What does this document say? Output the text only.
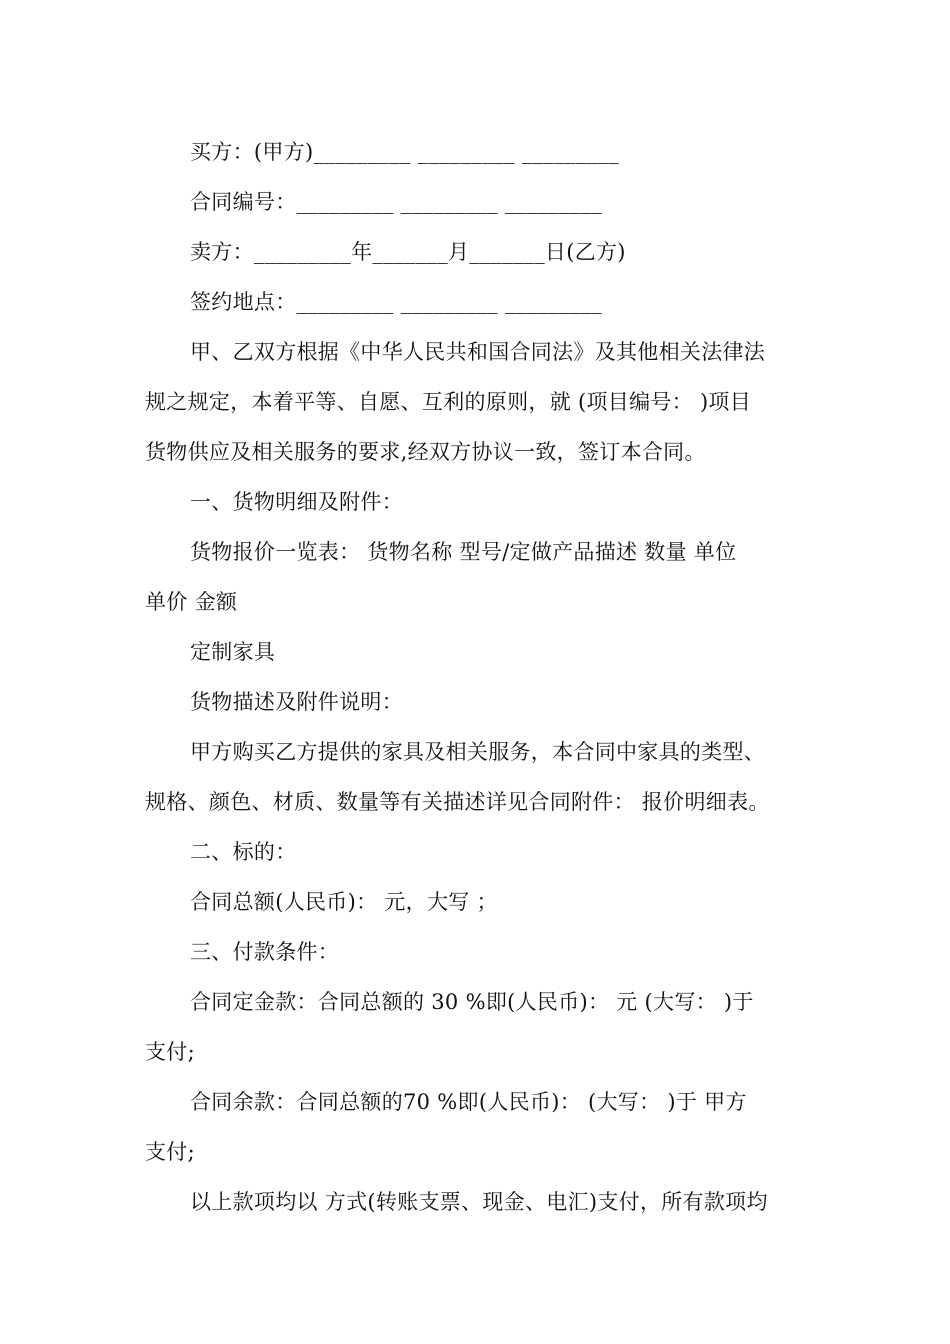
买方：(甲方)_________ _________ _________
合同编号：_________ _________ _________
卖方：_________年_______月_______日(乙方)
签约地点：_________ _________ _________
甲、乙双方根据《中华人民共和国合同法》及其他相关法律法
规之规定，本着平等、自愿、互利的原则，就 (项目编号： )项目
货物供应及相关服务的要求,经双方协议一致，签订本合同。
一、货物明细及附件：
货物报价一览表： 货物名称 型号/定做产品描述 数量 单位
单价 金额
定制家具
货物描述及附件说明：
甲方购买乙方提供的家具及相关服务，本合同中家具的类型、
规格、颜色、材质、数量等有关描述详见合同附件： 报价明细表。
二、标的：
合同总额(人民币)： 元，大写 ；
三、付款条件：
合同定金款：合同总额的 30 %即(人民币)： 元 (大写： )于
支付;
合同余款：合同总额的70 %即(人民币)： (大写： )于 甲方
支付;
以上款项均以 方式(转账支票、现金、电汇)支付，所有款项均
